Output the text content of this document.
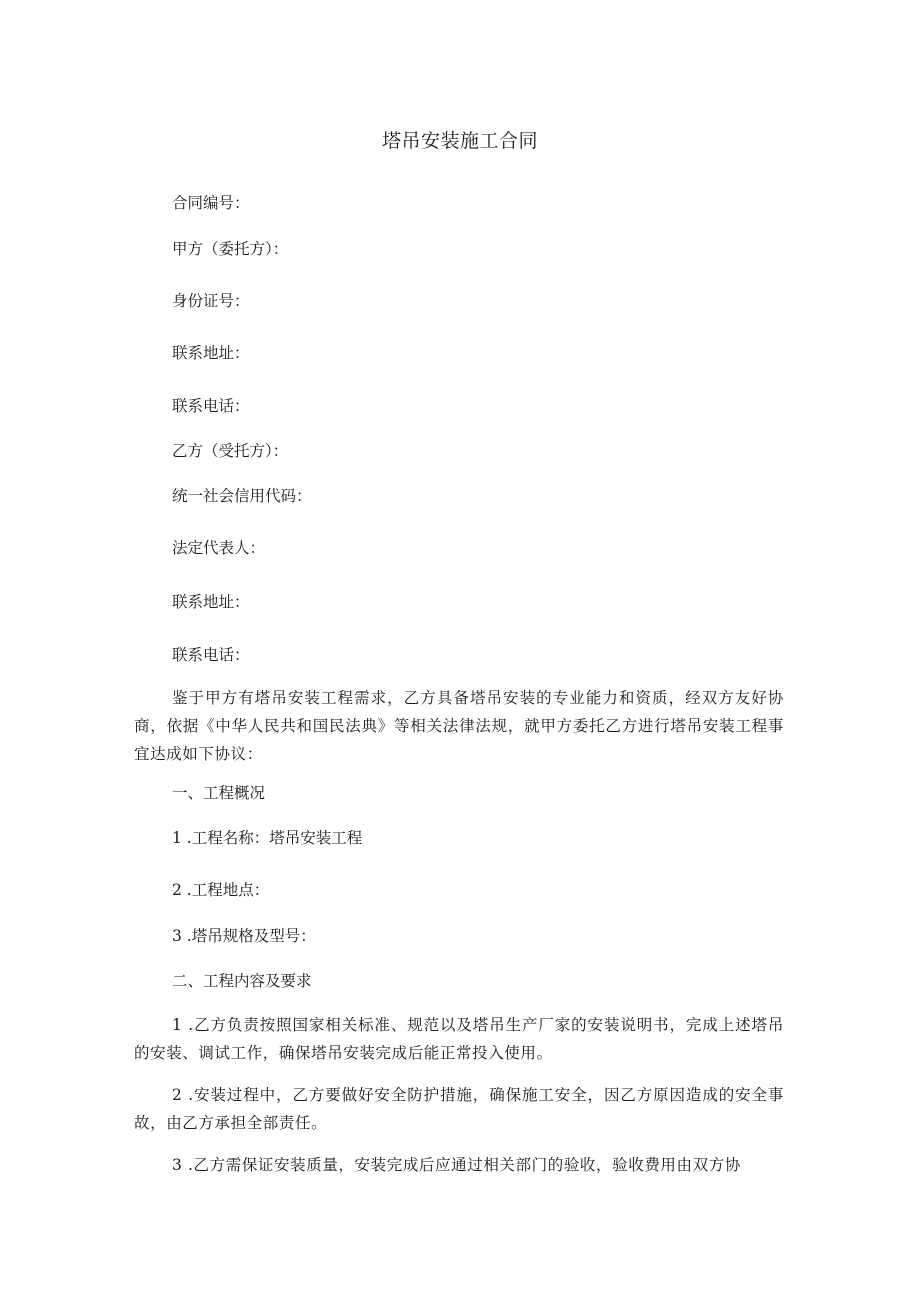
塔吊安装施工合同
合同编号：
甲方（委托方）：
身份证号：
联系地址：
联系电话：
乙方（受托方）：
统一社会信用代码：
法定代表人：
联系地址：
联系电话：
鉴于甲方有塔吊安装工程需求，乙方具备塔吊安装的专业能力和资质，经双方友好协商，依据《中华人民共和国民法典》等相关法律法规，就甲方委托乙方进行塔吊安装工程事宜达成如下协议：
一、工程概况
1 .工程名称：塔吊安装工程
2 .工程地点：
3 .塔吊规格及型号：
二、工程内容及要求
1 .乙方负责按照国家相关标准、规范以及塔吊生产厂家的安装说明书，完成上述塔吊的安装、调试工作，确保塔吊安装完成后能正常投入使用。
2 .安装过程中，乙方要做好安全防护措施，确保施工安全，因乙方原因造成的安全事故，由乙方承担全部责任。
3 .乙方需保证安装质量，安装完成后应通过相关部门的验收，验收费用由双方协
